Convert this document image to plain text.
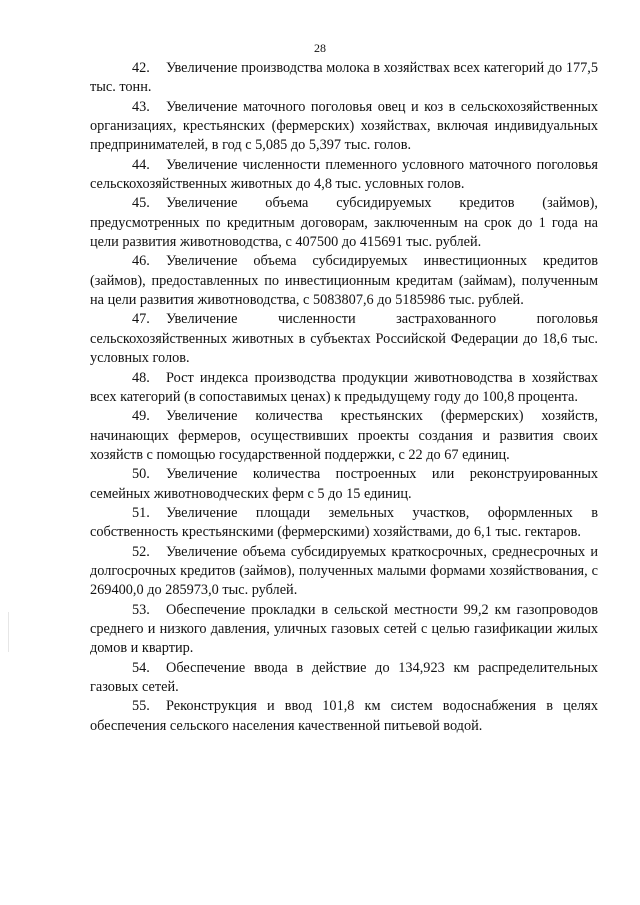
28

42. Увеличение производства молока в хозяйствах всех категорий до 177,5 тыс. тонн.

43. Увеличение маточного поголовья овец и коз в сельскохозяйственных организациях, крестьянских (фермерских) хозяйствах, включая индивидуальных предпринимателей, в год с 5,085 до 5,397 тыс. голов.

44. Увеличение численности племенного условного маточного поголовья сельскохозяйственных животных до 4,8 тыс. условных голов.

45. Увеличение объема субсидируемых кредитов (займов), предусмотренных по кредитным договорам, заключенным на срок до 1 года на цели развития животноводства, с 407500 до 415691 тыс. рублей.

46. Увеличение объема субсидируемых инвестиционных кредитов (займов), предоставленных по инвестиционным кредитам (займам), полученным на цели развития животноводства, с 5083807,6 до 5185986 тыс. рублей.

47. Увеличение численности застрахованного поголовья сельскохозяйственных животных в субъектах Российской Федерации до 18,6 тыс. условных голов.

48. Рост индекса производства продукции животноводства в хозяйствах всех категорий (в сопоставимых ценах) к предыдущему году до 100,8 процента.

49. Увеличение количества крестьянских (фермерских) хозяйств, начинающих фермеров, осуществивших проекты создания и развития своих хозяйств с помощью государственной поддержки, с 22 до 67 единиц.

50. Увеличение количества построенных или реконструированных семейных животноводческих ферм с 5 до 15 единиц.

51. Увеличение площади земельных участков, оформленных в собственность крестьянскими (фермерскими) хозяйствами, до 6,1 тыс. гектаров.

52. Увеличение объема субсидируемых краткосрочных, среднесрочных и долгосрочных кредитов (займов), полученных малыми формами хозяйствования, с 269400,0 до 285973,0 тыс. рублей.

53. Обеспечение прокладки в сельской местности 99,2 км газопроводов среднего и низкого давления, уличных газовых сетей с целью газификации жилых домов и квартир.

54. Обеспечение ввода в действие до 134,923 км распределительных газовых сетей.

55. Реконструкция и ввод 101,8 км систем водоснабжения в целях обеспечения сельского населения качественной питьевой водой.
